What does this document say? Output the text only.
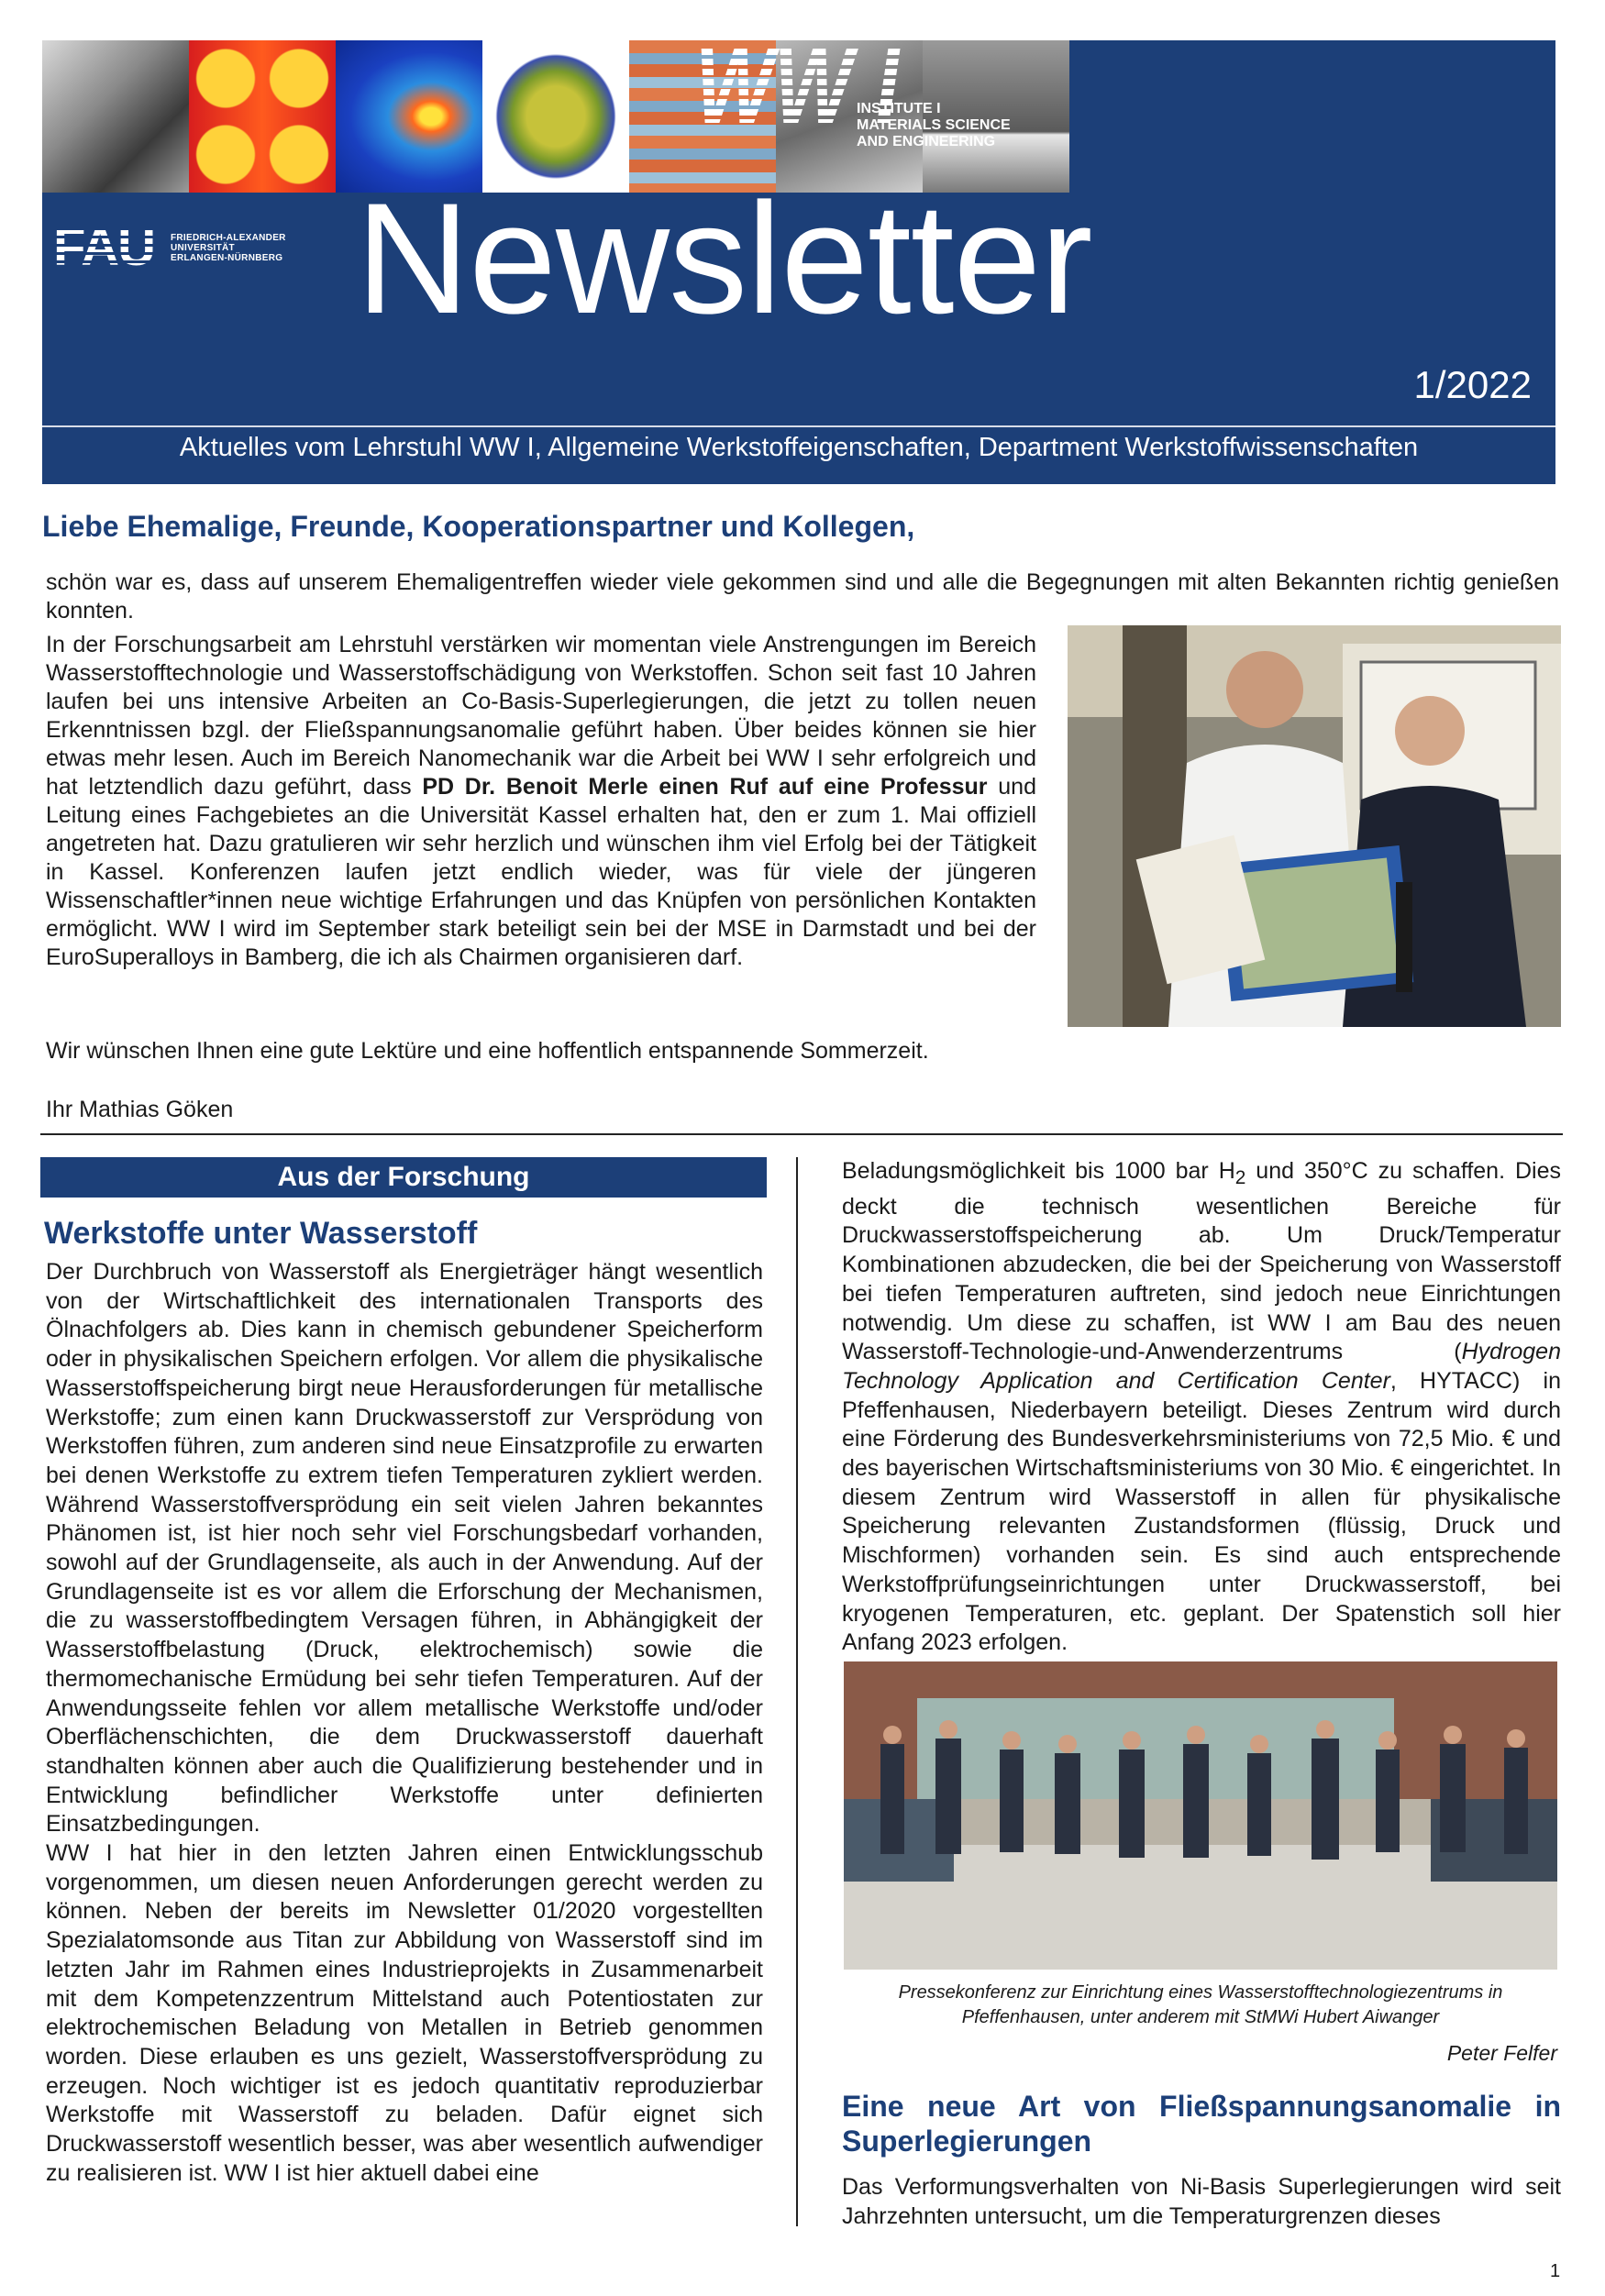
WW I
INSTITUTE I
MATERIALS SCIENCE
AND ENGINEERING
FAU FRIEDRICH-ALEXANDER
UNIVERSITÄT
ERLANGEN-NÜRNBERG Newsletter
1/2022
Aktuelles vom Lehrstuhl WW I, Allgemeine Werkstoffeigenschaften, Department Werkstoffwissenschaften
Liebe Ehemalige, Freunde, Kooperationspartner und Kollegen,

schön war es, dass auf unserem Ehemaligentreffen wieder viele gekommen sind und alle die Begegnungen mit alten Bekannten richtig genießen konnten.

In der Forschungsarbeit am Lehrstuhl verstärken wir momentan viele Anstrengungen im Bereich Wasserstofftechnologie und Wasserstoffschädigung von Werkstoffen. Schon seit fast 10 Jahren laufen bei uns intensive Arbeiten an Co-Basis-Superlegierungen, die jetzt zu tollen neuen Erkenntnissen bzgl. der Fließspannungsanomalie geführt haben. Über beides können sie hier etwas mehr lesen. Auch im Bereich Nanomechanik war die Arbeit bei WW I sehr erfolgreich und hat letztendlich dazu geführt, dass PD Dr. Benoit Merle einen Ruf auf eine Professur und Leitung eines Fachgebietes an die Universität Kassel erhalten hat, den er zum 1. Mai offiziell angetreten hat. Dazu gratulieren wir sehr herzlich und wünschen ihm viel Erfolg bei der Tätigkeit in Kassel. Konferenzen laufen jetzt endlich wieder, was für viele der jüngeren Wissenschaftler*innen neue wichtige Erfahrungen und das Knüpfen von persönlichen Kontakten ermöglicht. WW I wird im September stark beteiligt sein bei der MSE in Darmstadt und bei der EuroSuperalloys in Bamberg, die ich als Chairmen organisieren darf.

Wir wünschen Ihnen eine gute Lektüre und eine hoffentlich entspannende Sommerzeit.
Ihr Mathias Göken
Aus der Forschung
Werkstoffe unter Wasserstoff

Der Durchbruch von Wasserstoff als Energieträger hängt wesentlich von der Wirtschaftlichkeit des internationalen Transports des Ölnachfolgers ab. Dies kann in chemisch gebundener Speicherform oder in physikalischen Speichern erfolgen. Vor allem die physikalische Wasserstoffspeicherung birgt neue Herausforderungen für metallische Werkstoffe; zum einen kann Druckwasserstoff zur Versprödung von Werkstoffen führen, zum anderen sind neue Einsatzprofile zu erwarten bei denen Werkstoffe zu extrem tiefen Temperaturen zykliert werden. Während Wasserstoffversprödung ein seit vielen Jahren bekanntes Phänomen ist, ist hier noch sehr viel Forschungsbedarf vorhanden, sowohl auf der Grundlagenseite, als auch in der Anwendung. Auf der Grundlagenseite ist es vor allem die Erforschung der Mechanismen, die zu wasserstoffbedingtem Versagen führen, in Abhängigkeit der Wasserstoffbelastung (Druck, elektrochemisch) sowie die thermomechanische Ermüdung bei sehr tiefen Temperaturen. Auf der Anwendungsseite fehlen vor allem metallische Werkstoffe und/oder Oberflächenschichten, die dem Druckwasserstoff dauerhaft standhalten können aber auch die Qualifizierung bestehender und in Entwicklung befindlicher Werkstoffe unter definierten Einsatzbedingungen.

WW I hat hier in den letzten Jahren einen Entwicklungsschub vorgenommen, um diesen neuen Anforderungen gerecht werden zu können. Neben der bereits im Newsletter 01/2020 vorgestellten Spezialatomsonde aus Titan zur Abbildung von Wasserstoff sind im letzten Jahr im Rahmen eines Industrieprojekts in Zusammenarbeit mit dem Kompetenzzentrum Mittelstand auch Potentiostaten zur elektrochemischen Beladung von Metallen in Betrieb genommen worden. Diese erlauben es uns gezielt, Wasserstoffversprödung zu erzeugen. Noch wichtiger ist es jedoch quantitativ reproduzierbar Werkstoffe mit Wasserstoff zu beladen. Dafür eignet sich Druckwasserstoff wesentlich besser, was aber wesentlich aufwendiger zu realisieren ist. WW I ist hier aktuell dabei eine

Beladungsmöglichkeit bis 1000 bar $H_2$ und 350°C zu schaffen. Dies deckt die technisch wesentlichen Bereiche für Druckwasserstoffspeicherung ab. Um Druck/Temperatur Kombinationen abzudecken, die bei der Speicherung von Wasserstoff bei tiefen Temperaturen auftreten, sind jedoch neue Einrichtungen notwendig. Um diese zu schaffen, ist WW I am Bau des neuen Wasserstoff-Technologie-und-Anwenderzentrums (Hydrogen Technology Application and Certification Center, HYTACC) in Pfeffenhausen, Niederbayern beteiligt. Dieses Zentrum wird durch eine Förderung des Bundesverkehrsministeriums von 72,5 Mio. € und des bayerischen Wirtschaftsministeriums von 30 Mio. € eingerichtet. In diesem Zentrum wird Wasserstoff in allen für physikalische Speicherung relevanten Zustandsformen (flüssig, Druck und Mischformen) vorhanden sein. Es sind auch entsprechende Werkstoffprüfungseinrichtungen unter Druckwasserstoff, bei kryogenen Temperaturen, etc. geplant. Der Spatenstich soll hier Anfang 2023 erfolgen.

Pressekonferenz zur Einrichtung eines Wasserstofftechnologiezentrums in Pfeffenhausen, unter anderem mit StMWi Hubert Aiwanger
Peter Felfer
Eine neue Art von Fließspannungsanomalie in Superlegierungen
Das Verformungsverhalten von Ni-Basis Superlegierungen wird seit Jahrzehnten untersucht, um die Temperaturgrenzen dieses
1
